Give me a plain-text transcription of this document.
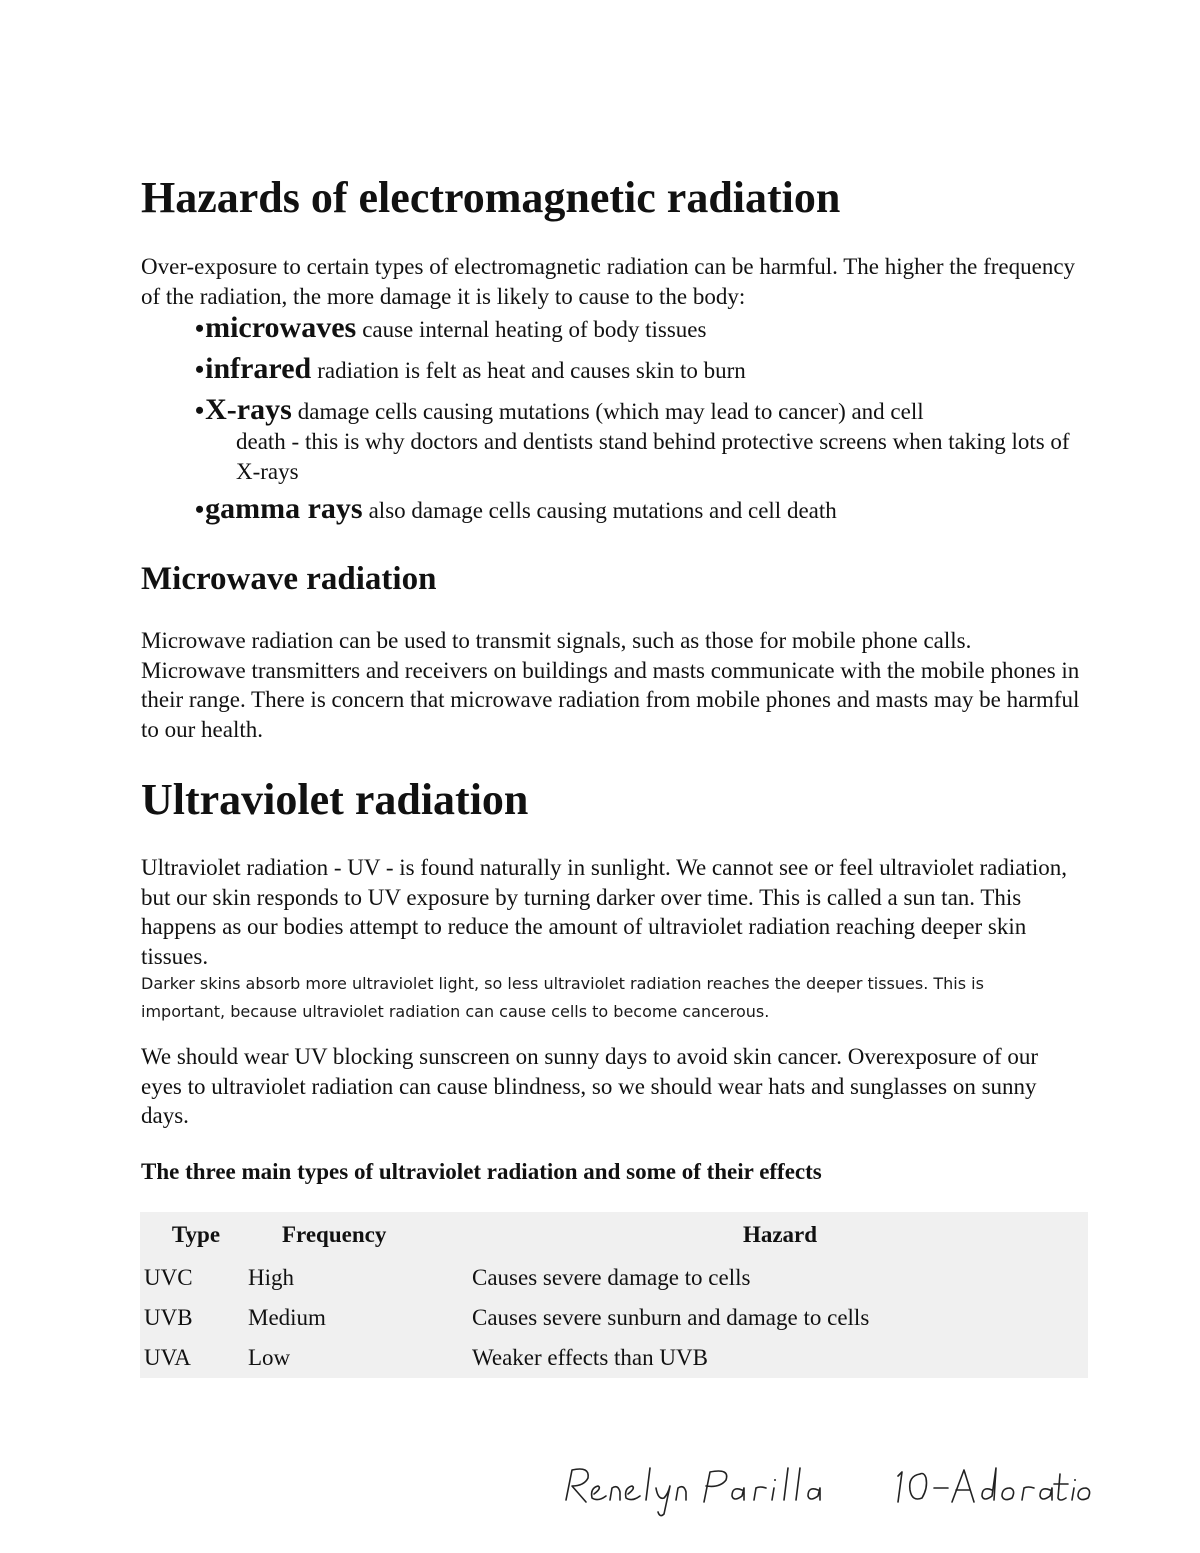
Hazards of electromagnetic radiation

Over-exposure to certain types of electromagnetic radiation can be harmful. The higher the frequency of the radiation, the more damage it is likely to cause to the body:

•microwaves cause internal heating of body tissues
•infrared radiation is felt as heat and causes skin to burn
•X-rays damage cells causing mutations (which may lead to cancer) and cell
death - this is why doctors and dentists stand behind protective screens when taking lots of X-rays
•gamma rays also damage cells causing mutations and cell death
Microwave radiation

Microwave radiation can be used to transmit signals, such as those for mobile phone calls. Microwave transmitters and receivers on buildings and masts communicate with the mobile phones in their range. There is concern that microwave radiation from mobile phones and masts may be harmful to our health.

Ultraviolet radiation

Ultraviolet radiation - UV - is found naturally in sunlight. We cannot see or feel ultraviolet radiation, but our skin responds to UV exposure by turning darker over time. This is called a sun tan. This happens as our bodies attempt to reduce the amount of ultraviolet radiation reaching deeper skin tissues.

Darker skins absorb more ultraviolet light, so less ultraviolet radiation reaches the deeper tissues. This is important, because ultraviolet radiation can cause cells to become cancerous.

We should wear UV blocking sunscreen on sunny days to avoid skin cancer. Overexposure of our eyes to ultraviolet radiation can cause blindness, so we should wear hats and sunglasses on sunny days.

The three main types of ultraviolet radiation and some of their effects

Type	Frequency	Hazard
UVC	High	Causes severe damage to cells
UVB	Medium	Causes severe sunburn and damage to cells
UVA	Low	Weaker effects than UVB
